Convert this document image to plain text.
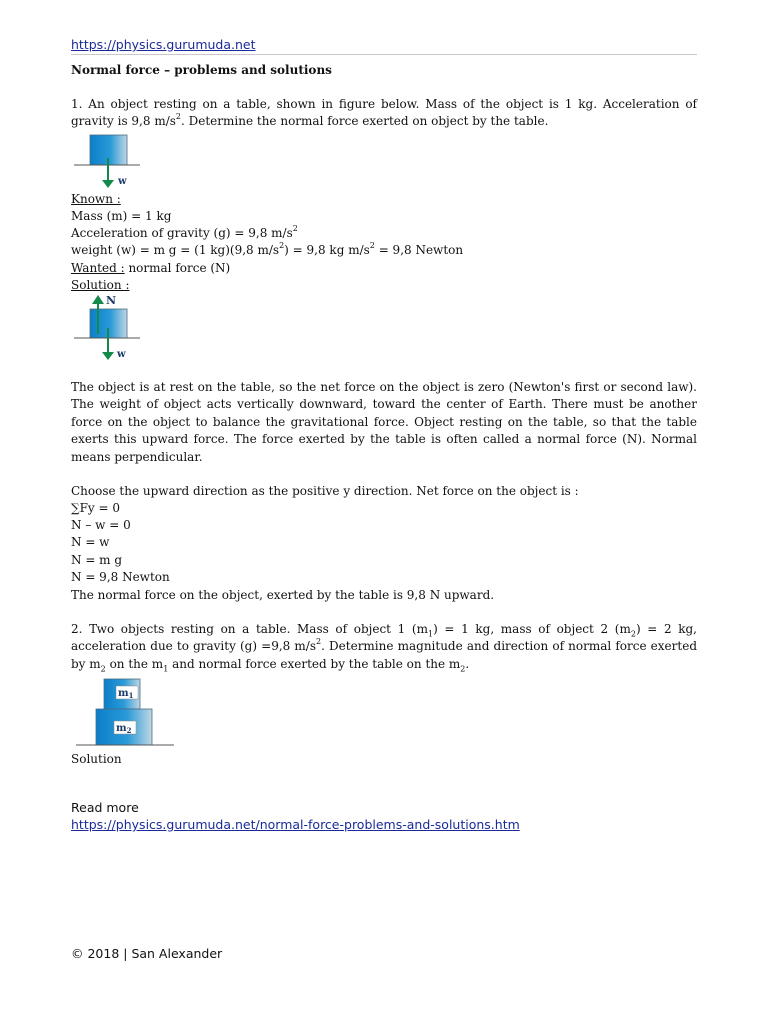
https://physics.gurumuda.net
Normal force – problems and solutions
1. An object resting on a table, shown in figure below. Mass of the object is 1 kg. Acceleration of gravity is 9,8 $m/s^2$. Determine the normal force exerted on object by the table.
w
Known :
Mass (m) = 1 kg
Acceleration of gravity (g) = 9,8 $m/s^2$
weight (w) = m g = (1 kg)(9,8 $m/s^2) = 9,8$ kg $m/s^2 = 9,8$ Newton
Wanted : normal force (N)
Solution :
N
w
The object is at rest on the table, so the net force on the object is zero (Newton's first or second law). The weight of object acts vertically downward, toward the center of Earth. There must be another force on the object to balance the gravitational force. Object resting on the table, so that the table exerts this upward force. The force exerted by the table is often called a normal force (N). Normal means perpendicular.
Choose the upward direction as the positive y direction. Net force on the object is :
∑Fy = 0
N – w = 0
N = w
N = m g
N = 9,8 Newton
The normal force on the object, exerted by the table is 9,8 N upward.
2. Two objects resting on a table. Mass of object 1 $(m_1) = 1$ kg, mass of object 2 $(m_2) = 2$ kg, acceleration due to gravity (g) =9,8 $m/s^2$. Determine magnitude and direction of normal force exerted by $m_2$ on the $m_1$ and normal force exerted by the table on the $m_2$.
$m_1$
$m_2$
Solution
Read more
https://physics.gurumuda.net/normal-force-problems-and-solutions.htm
© 2018 | San Alexander
